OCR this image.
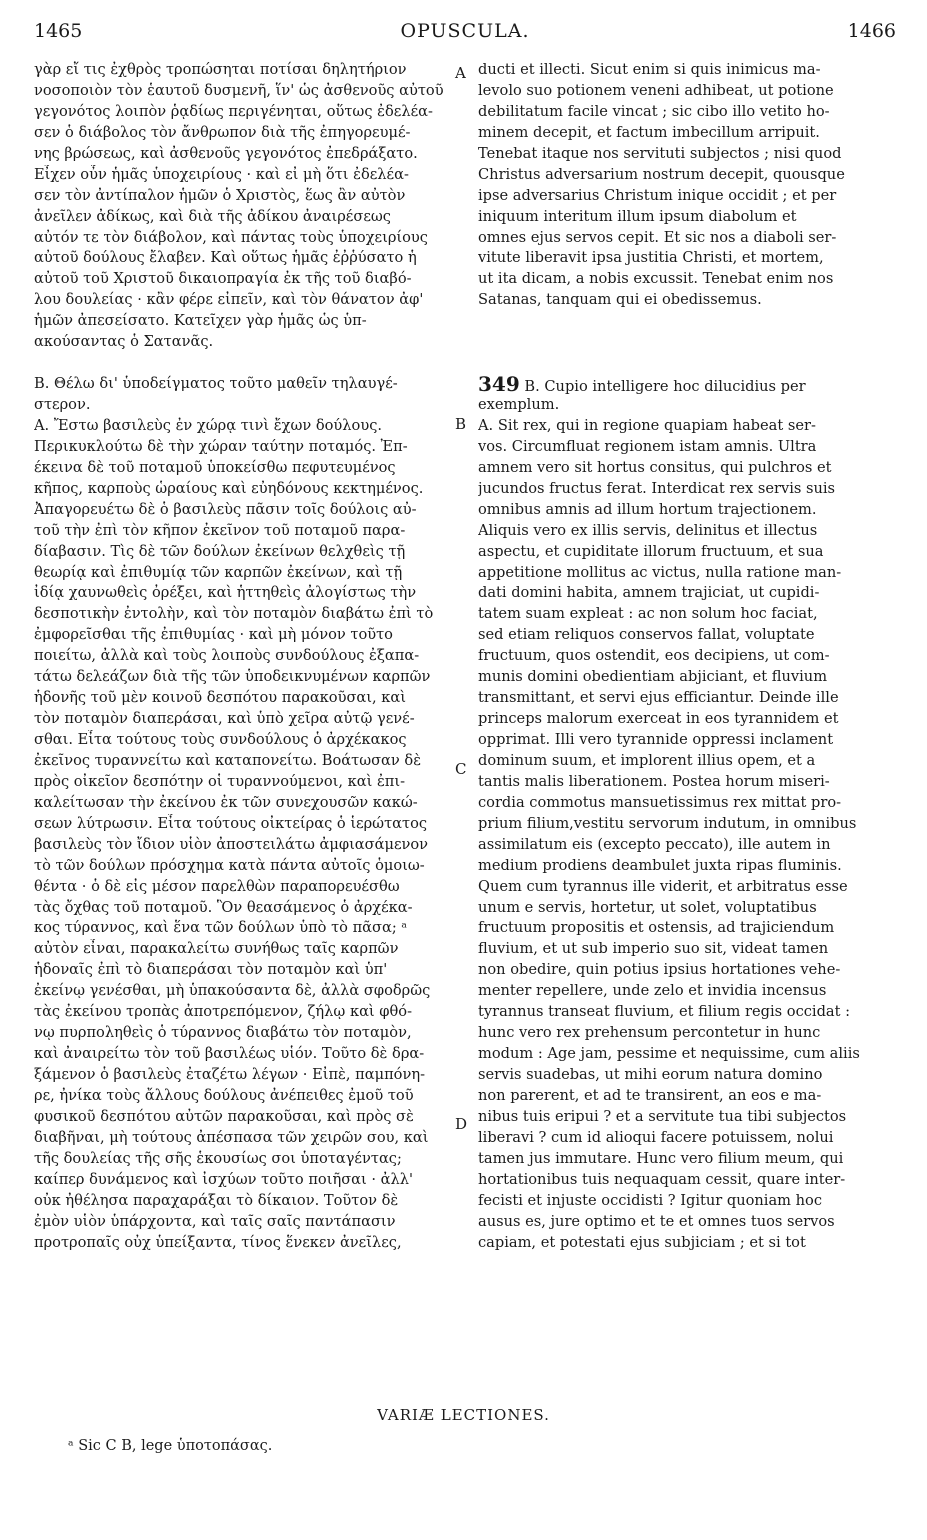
1465	OPUSCULA.	1466
γὰρ εἴ τις ἐχθρὸς τροπώσηται ποτίσαι δηλητήριον
νοσοποιὸν τὸν ἑαυτοῦ δυσμενῆ, ἵν' ὡς ἀσθενοῦς αὐτοῦ
γεγονότος λοιπὸν ῥᾳδίως περιγένηται, οὕτως ἐδελέα-
σεν ὁ διάβολος τὸν ἄνθρωπον διὰ τῆς ἐπηγορευμέ-
νης βρώσεως, καὶ ἀσθενοῦς γεγονότος ἐπεδράξατο.
Εἶχεν οὖν ἡμᾶς ὑποχειρίους · καὶ εἰ μὴ ὅτι ἐδελέα-
σεν τὸν ἀντίπαλον ἡμῶν ὁ Χριστὸς, ἕως ἂν αὐτὸν
ἀνεῖλεν ἀδίκως, καὶ διὰ τῆς ἀδίκου ἀναιρέσεως
αὐτόν τε τὸν διάβολον, καὶ πάντας τοὺς ὑποχειρίους
αὐτοῦ δούλους ἔλαβεν. Καὶ οὕτως ἡμᾶς ἐῤῥύσατο ἡ
αὐτοῦ τοῦ Χριστοῦ δικαιοπραγία ἐκ τῆς τοῦ διαβό-
λου δουλείας · κἂν φέρε εἰπεῖν, καὶ τὸν θάνατον ἀφ'
ἡμῶν ἀπεσείσατο. Κατεῖχεν γὰρ ἡμᾶς ὡς ὑπ-
ακούσαντας ὁ Σατανᾶς.
Β. Θέλω δι' ὑποδείγματος τοῦτο μαθεῖν τηλαυγέ-
στερον.
Α. Ἔστω βασιλεὺς ἐν χώρᾳ τινὶ ἔχων δούλους.
Περικυκλούτω δὲ τὴν χώραν ταύτην ποταμός. Ἐπ-
έκεινα δὲ τοῦ ποταμοῦ ὑποκείσθω πεφυτευμένος
κῆπος, καρποὺς ὡραίους καὶ εὐηδόνους κεκτημένος.
Ἀπαγορευέτω δὲ ὁ βασιλεὺς πᾶσιν τοῖς δούλοις αὐ-
τοῦ τὴν ἐπὶ τὸν κῆπον ἐκεῖνον τοῦ ποταμοῦ παρα-
δίαβασιν. Τὶς δὲ τῶν δούλων ἐκείνων θελχθεὶς τῇ
θεωρίᾳ καὶ ἐπιθυμίᾳ τῶν καρπῶν ἐκείνων, καὶ τῇ
ἰδίᾳ χαυνωθεὶς ὀρέξει, καὶ ἡττηθεὶς ἀλογίστως τὴν
δεσποτικὴν ἐντολὴν, καὶ τὸν ποταμὸν διαβάτω ἐπὶ τὸ
ἐμφορεῖσθαι τῆς ἐπιθυμίας · καὶ μὴ μόνον τοῦτο
ποιείτω, ἀλλὰ καὶ τοὺς λοιποὺς συνδούλους ἐξαπα-
τάτω δελεάζων διὰ τῆς τῶν ὑποδεικνυμένων καρπῶν
ἡδονῆς τοῦ μὲν κοινοῦ δεσπότου παρακοῦσαι, καὶ
τὸν ποταμὸν διαπεράσαι, καὶ ὑπὸ χεῖρα αὐτῷ γενέ-
σθαι. Εἶτα τούτους τοὺς συνδούλους ὁ ἀρχέκακος
ἐκεῖνος τυραννείτω καὶ καταπονείτω. Βοάτωσαν δὲ
πρὸς οἰκεῖον δεσπότην οἱ τυραννούμενοι, καὶ ἐπι-
καλείτωσαν τὴν ἐκείνου ἐκ τῶν συνεχουσῶν κακώ-
σεων λύτρωσιν. Εἶτα τούτους οἰκτείρας ὁ ἱερώτατος
βασιλεὺς τὸν ἴδιον υἱὸν ἀποστειλάτω ἀμφιασάμενον
τὸ τῶν δούλων πρόσχημα κατὰ πάντα αὐτοῖς ὁμοιω-
θέντα · ὁ δὲ εἰς μέσον παρελθὼν παραπορευέσθω
τὰς ὄχθας τοῦ ποταμοῦ. Ὃν θεασάμενος ὁ ἀρχέκα-
κος τύραννος, καὶ ἕνα τῶν δούλων ὑπὸ τὸ πᾶσα; ᵃ
αὐτὸν εἶναι, παρακαλείτω συνήθως ταῖς καρπῶν
ἡδοναῖς ἐπὶ τὸ διαπεράσαι τὸν ποταμὸν καὶ ὑπ'
ἐκείνῳ γενέσθαι, μὴ ὑπακούσαντα δὲ, ἀλλὰ σφοδρῶς
τὰς ἐκείνου τροπὰς ἀποτρεπόμενον, ζήλῳ καὶ φθό-
νῳ πυρποληθεὶς ὁ τύραννος διαβάτω τὸν ποταμὸν,
καὶ ἀναιρείτω τὸν τοῦ βασιλέως υἱόν. Τοῦτο δὲ δρα-
ξάμενον ὁ βασιλεὺς ἐταζέτω λέγων · Εἰπὲ, παμπόνη-
ρε, ἠνίκα τοὺς ἄλλους δούλους ἀνέπειθες ἐμοῦ τοῦ
φυσικοῦ δεσπότου αὐτῶν παρακοῦσαι, καὶ πρὸς σὲ
διαβῆναι, μὴ τούτους ἀπέσπασα τῶν χειρῶν σου, καὶ
τῆς δουλείας τῆς σῆς ἑκουσίως σοι ὑποταγέντας;
καίπερ δυνάμενος καὶ ἰσχύων τοῦτο ποιῆσαι · ἀλλ'
οὐκ ἠθέλησα παραχαράξαι τὸ δίκαιον. Τοῦτον δὲ
ἐμὸν υἱὸν ὑπάρχοντα, καὶ ταῖς σαῖς παντάπασιν
προτροπαῖς οὐχ ὑπείξαντα, τίνος ἕνεκεν ἀνεῖλες,
ducti et illecti. Sicut enim si quis inimicus ma-
levolo suo potionem veneni adhibeat, ut potione
debilitatum facile vincat ; sic cibo illo vetito ho-
minem decepit, et factum imbecillum arripuit.
Tenebat itaque nos servituti subjectos ; nisi quod
Christus adversarium nostrum decepit, quousque
ipse adversarius Christum inique occidit ; et per
iniquum interitum illum ipsum diabolum et
omnes ejus servos cepit. Et sic nos a diaboli ser-
vitute liberavit ipsa justitia Christi, et mortem,
ut ita dicam, a nobis excussit. Tenebat enim nos
Satanas, tanquam qui ei obedissemus.
349 B. Cupio intelligere hoc dilucidius per
exemplum.
A. Sit rex, qui in regione quapiam habeat ser-
vos. Circumfluat regionem istam amnis. Ultra
amnem vero sit hortus consitus, qui pulchros et
jucundos fructus ferat. Interdicat rex servis suis
omnibus amnis ad illum hortum trajectionem.
Aliquis vero ex illis servis, delinitus et illectus
aspectu, et cupiditate illorum fructuum, et sua
appetitione mollitus ac victus, nulla ratione man-
dati domini habita, amnem trajiciat, ut cupidi-
tatem suam expleat : ac non solum hoc faciat,
sed etiam reliquos conservos fallat, voluptate
fructuum, quos ostendit, eos decipiens, ut com-
munis domini obedientiam abjiciant, et fluvium
transmittant, et servi ejus efficiantur. Deinde ille
princeps malorum exerceat in eos tyrannidem et
opprimat. Illi vero tyrannide oppressi inclament
dominum suum, et implorent illius opem, et a
tantis malis liberationem. Postea horum miseri-
cordia commotus mansuetissimus rex mittat pro-
prium filium,vestitu servorum indutum, in omnibus
assimilatum eis (excepto peccato), ille autem in
medium prodiens deambulet juxta ripas fluminis.
Quem cum tyrannus ille viderit, et arbitratus esse
unum e servis, hortetur, ut solet, voluptatibus
fructuum propositis et ostensis, ad trajiciendum
fluvium, et ut sub imperio suo sit, videat tamen
non obedire, quin potius ipsius hortationes vehe-
menter repellere, unde zelo et invidia incensus
tyrannus transeat fluvium, et filium regis occidat :
hunc vero rex prehensum percontetur in hunc
modum : Age jam, pessime et nequissime, cum aliis
servis suadebas, ut mihi eorum natura domino
non parerent, et ad te transirent, an eos e ma-
nibus tuis eripui ? et a servitute tua tibi subjectos
liberavi ? cum id alioqui facere potuissem, nolui
tamen jus immutare. Hunc vero filium meum, qui
hortationibus tuis nequaquam cessit, quare inter-
fecisti et injuste occidisti ? Igitur quoniam hoc
ausus es, jure optimo et te et omnes tuos servos
capiam, et potestati ejus subjiciam ; et si tot
A
B
C
D
VARIÆ LECTIONES.
ᵃ Sic C B, lege ὑποτοπάσας.
